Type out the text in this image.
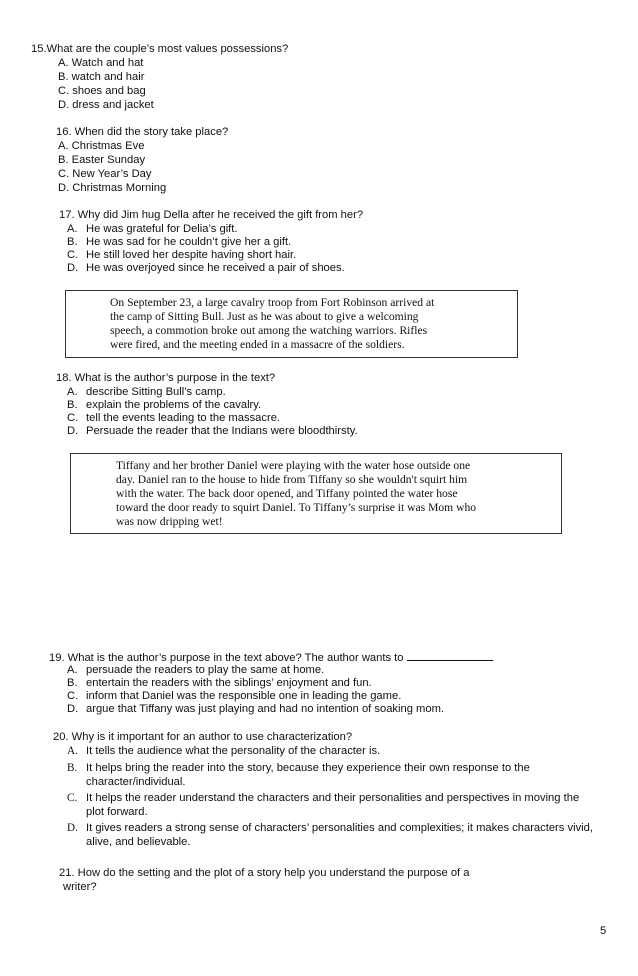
15.What are the couple’s most values possessions?
A. Watch and hat
B. watch and hair
C. shoes and bag
D. dress and jacket
16. When did the story take place?
A. Christmas Eve
B. Easter Sunday
C. New Year’s Day
D. Christmas Morning
17. Why did Jim hug Della after he received the gift from her?
A. He was grateful for Delia’s gift.
B. He was sad for he couldn’t give her a gift.
C. He still loved her despite having short hair.
D. He was overjoyed since he received a pair of shoes.
On September 23, a large cavalry troop from Fort Robinson arrived at
the camp of Sitting Bull. Just as he was about to give a welcoming
speech, a commotion broke out among the watching warriors. Rifles
were fired, and the meeting ended in a massacre of the soldiers.
18. What is the author’s purpose in the text?
A. describe Sitting Bull’s camp.
B. explain the problems of the cavalry.
C. tell the events leading to the massacre.
D. Persuade the reader that the Indians were bloodthirsty.
Tiffany and her brother Daniel were playing with the water hose outside one
day. Daniel ran to the house to hide from Tiffany so she wouldn't squirt him
with the water. The back door opened, and Tiffany pointed the water hose
toward the door ready to squirt Daniel. To Tiffany’s surprise it was Mom who
was now dripping wet!
19. What is the author’s purpose in the text above? The author wants to
A. persuade the readers to play the same at home.
B. entertain the readers with the siblings’ enjoyment and fun.
C. inform that Daniel was the responsible one in leading the game.
D. argue that Tiffany was just playing and had no intention of soaking mom.
20. Why is it important for an author to use characterization?
A. It tells the audience what the personality of the character is.
B. It helps bring the reader into the story, because they experience their own response to the
character/individual.
C. It helps the reader understand the characters and their personalities and perspectives in moving the
plot forward.
D. It gives readers a strong sense of characters’ personalities and complexities; it makes characters vivid,
alive, and believable.
21. How do the setting and the plot of a story help you understand the purpose of a
writer?
5
